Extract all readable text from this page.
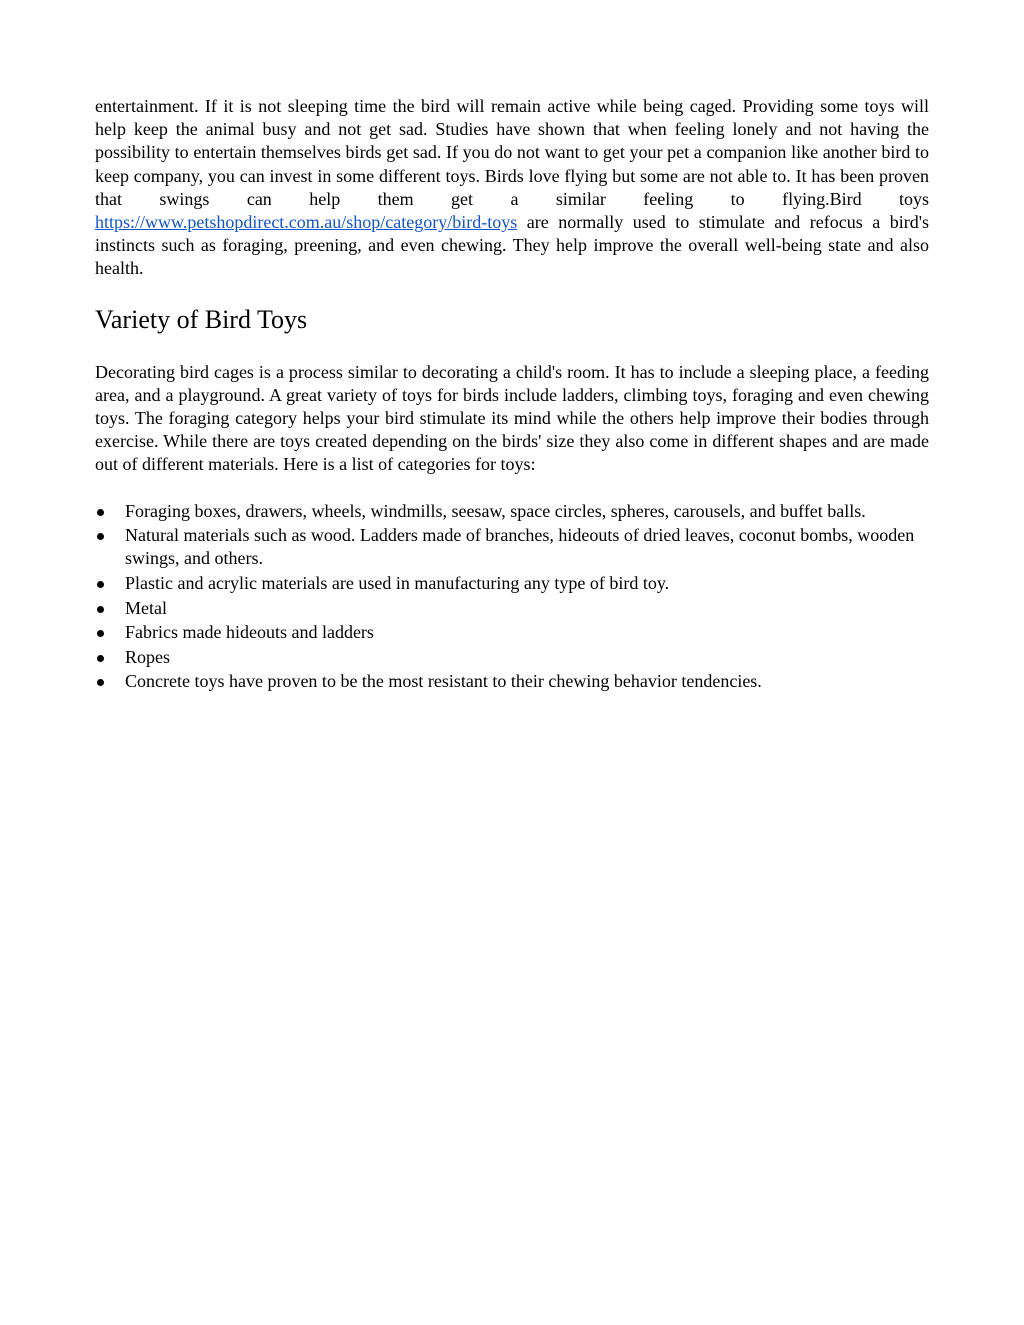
entertainment. If it is not sleeping time the bird will remain active while being caged. Providing some toys will help keep the animal busy and not get sad. Studies have shown that when feeling lonely and not having the possibility to entertain themselves birds get sad. If you do not want to get your pet a companion like another bird to keep company, you can invest in some different toys. Birds love flying but some are not able to. It has been proven that swings can help them get a similar feeling to flying.Bird toys https://www.petshopdirect.com.au/shop/category/bird-toys are normally used to stimulate and refocus a bird's instincts such as foraging, preening, and even chewing. They help improve the overall well-being state and also health.

Variety of Bird Toys

Decorating bird cages is a process similar to decorating a child's room. It has to include a sleeping place, a feeding area, and a playground. A great variety of toys for birds include ladders, climbing toys, foraging and even chewing toys. The foraging category helps your bird stimulate its mind while the others help improve their bodies through exercise. While there are toys created depending on the birds' size they also come in different shapes and are made out of different materials. Here is a list of categories for toys:

Foraging boxes, drawers, wheels, windmills, seesaw, space circles, spheres, carousels, and buffet balls.
Natural materials such as wood. Ladders made of branches, hideouts of dried leaves, coconut bombs, wooden swings, and others.
Plastic and acrylic materials are used in manufacturing any type of bird toy.
Metal
Fabrics made hideouts and ladders
Ropes
Concrete toys have proven to be the most resistant to their chewing behavior tendencies.
